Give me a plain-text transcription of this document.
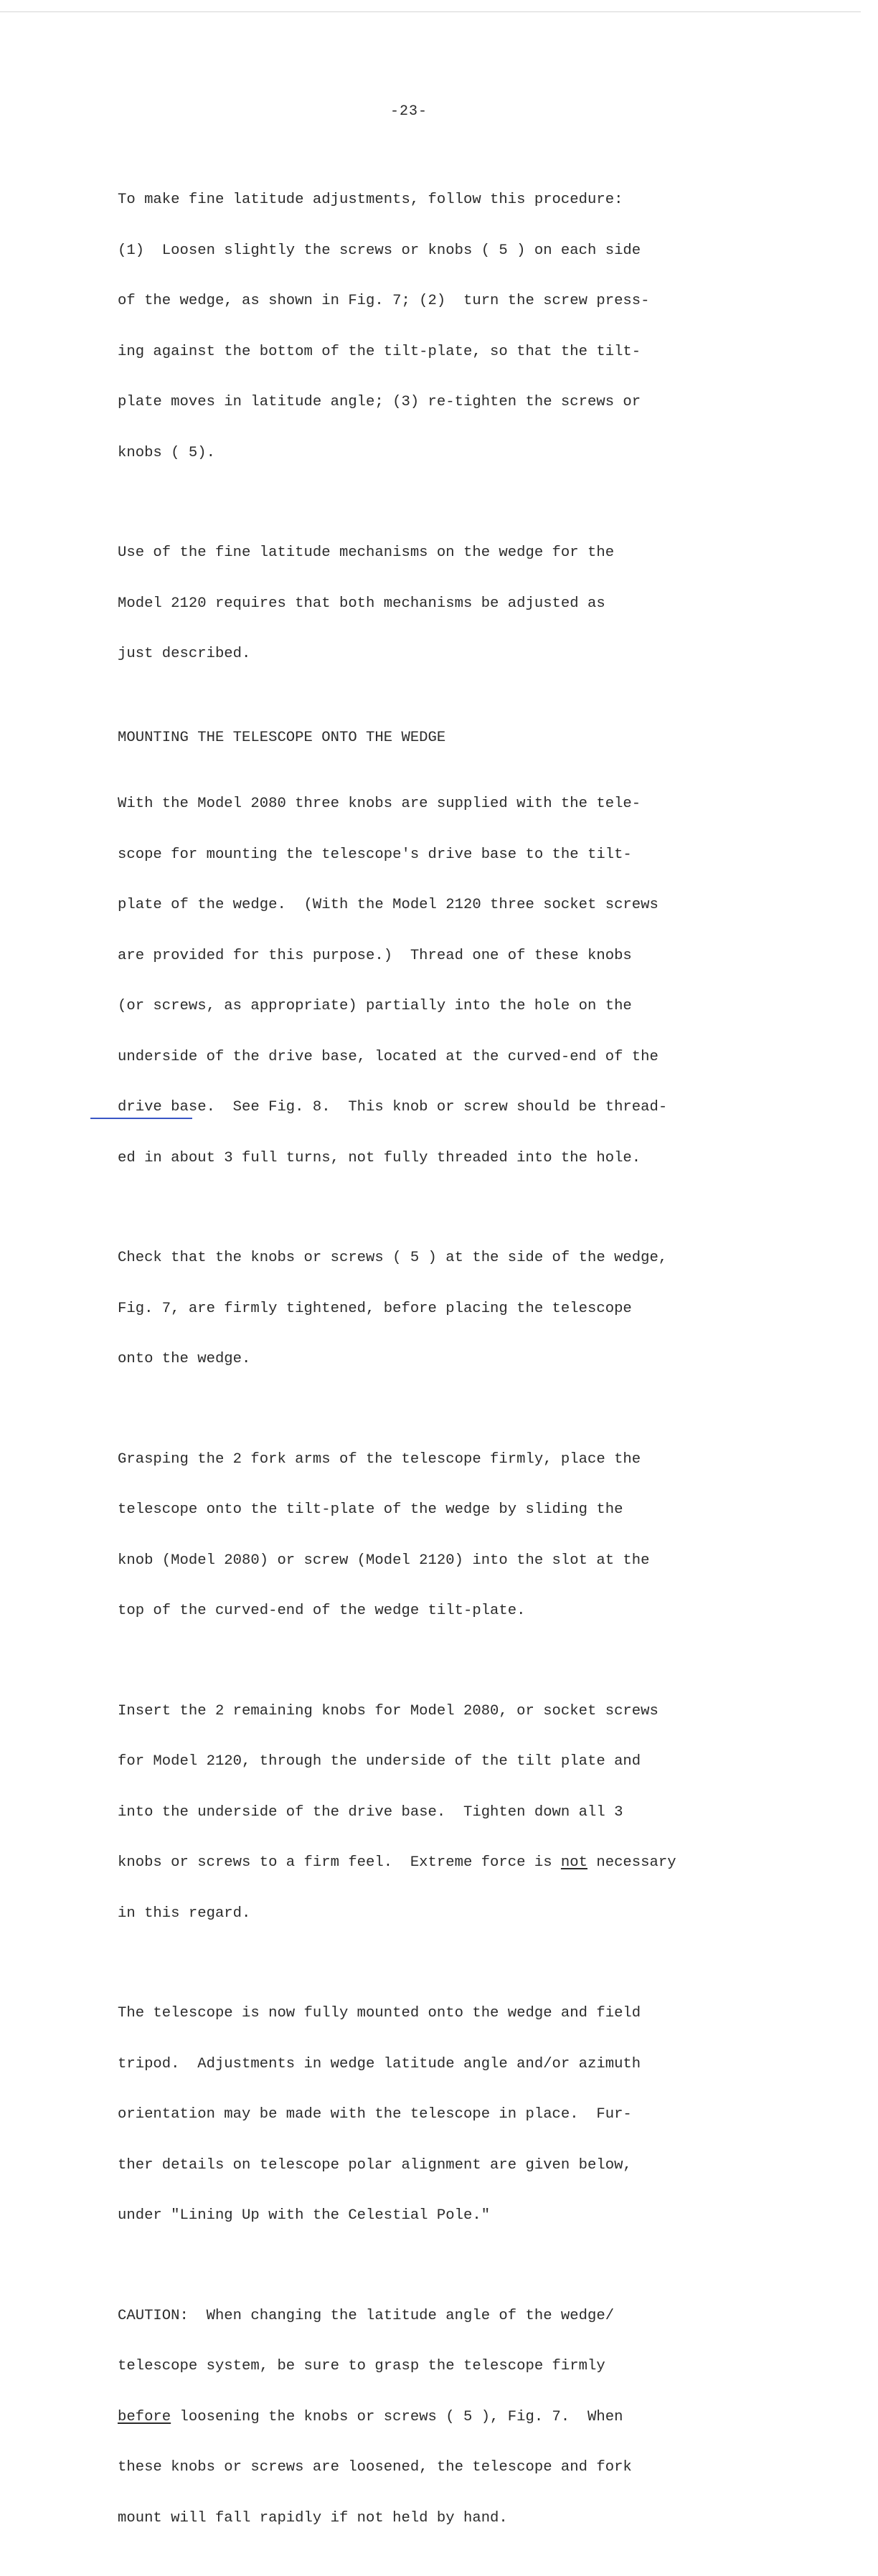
-23-

To make fine latitude adjustments, follow this procedure:

(1)  Loosen slightly the screws or knobs ( 5 ) on each side

of the wedge, as shown in Fig. 7; (2)  turn the screw press-

ing against the bottom of the tilt-plate, so that the tilt-

plate moves in latitude angle; (3) re-tighten the screws or

knobs ( 5).

Use of the fine latitude mechanisms on the wedge for the

Model 2120 requires that both mechanisms be adjusted as

just described.

MOUNTING THE TELESCOPE ONTO THE WEDGE

With the Model 2080 three knobs are supplied with the tele-

scope for mounting the telescope's drive base to the tilt-

plate of the wedge.  (With the Model 2120 three socket screws

are provided for this purpose.)  Thread one of these knobs

(or screws, as appropriate) partially into the hole on the

underside of the drive base, located at the curved-end of the

drive base.  See Fig. 8.  This knob or screw should be thread-

ed in about 3 full turns, not fully threaded into the hole.

Check that the knobs or screws ( 5 ) at the side of the wedge,

Fig. 7, are firmly tightened, before placing the telescope

onto the wedge.

Grasping the 2 fork arms of the telescope firmly, place the

telescope onto the tilt-plate of the wedge by sliding the

knob (Model 2080) or screw (Model 2120) into the slot at the

top of the curved-end of the wedge tilt-plate.

Insert the 2 remaining knobs for Model 2080, or socket screws

for Model 2120, through the underside of the tilt plate and

into the underside of the drive base.  Tighten down all 3

knobs or screws to a firm feel.  Extreme force is not necessary

in this regard.

The telescope is now fully mounted onto the wedge and field

tripod.  Adjustments in wedge latitude angle and/or azimuth

orientation may be made with the telescope in place.  Fur-

ther details on telescope polar alignment are given below,

under "Lining Up with the Celestial Pole."

CAUTION:  When changing the latitude angle of the wedge/

telescope system, be sure to grasp the telescope firmly

before loosening the knobs or screws ( 5 ), Fig. 7.  When

these knobs or screws are loosened, the telescope and fork

mount will fall rapidly if not held by hand.
